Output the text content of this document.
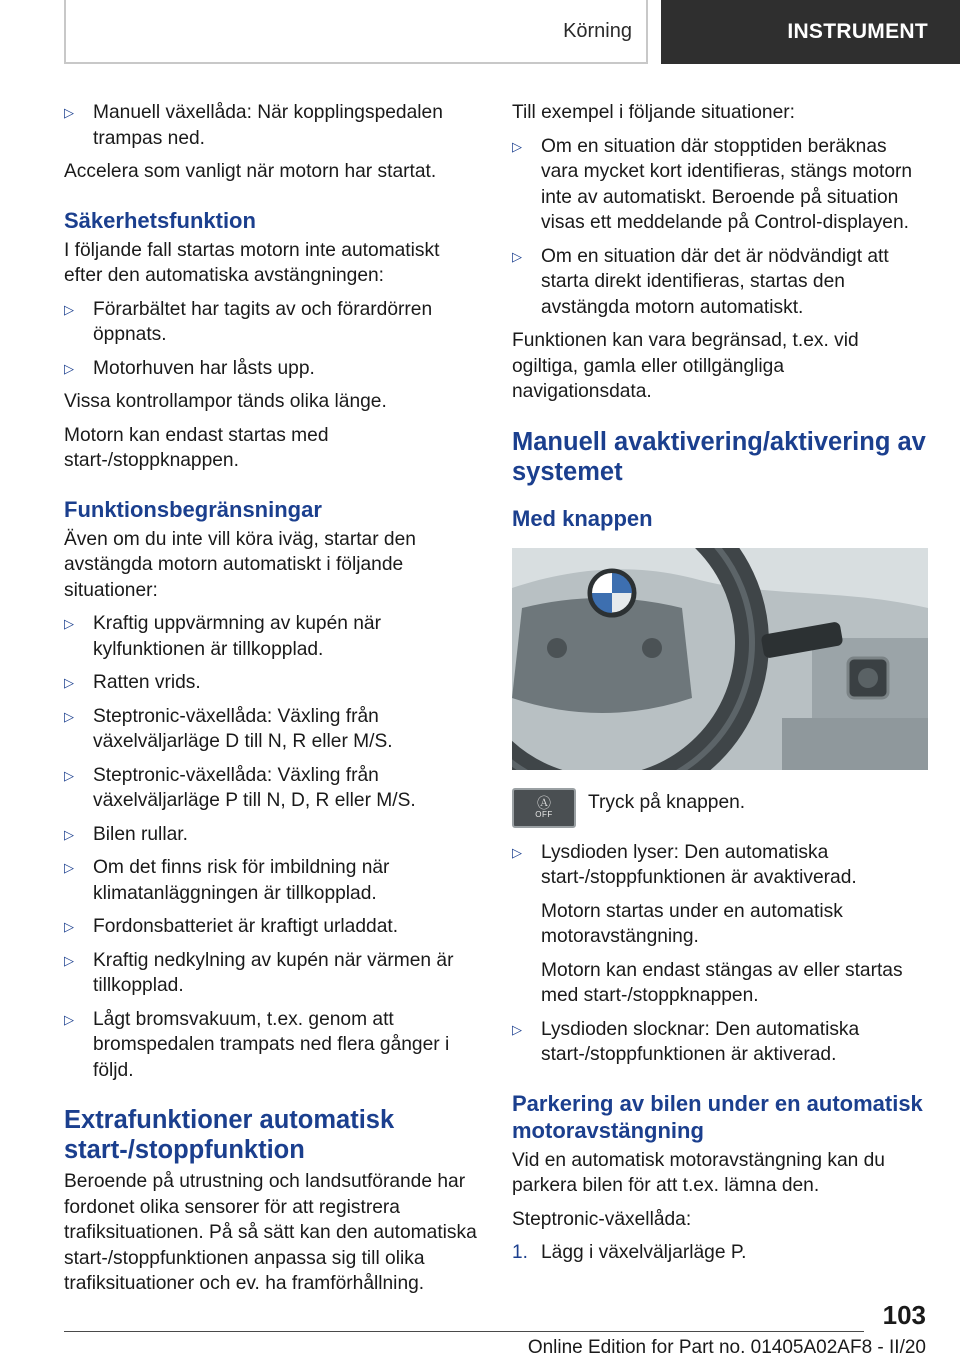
Körning	INSTRUMENT
▷ Manuell växellåda: När kopplingspedalen trampas ned.

Accelera som vanligt när motorn har startat.

Säkerhetsfunktion

I följande fall startas motorn inte automatiskt efter den automatiska avstängningen:

▷ Förarbältet har tagits av och förardörren öppnats.
▷ Motorhuven har låsts upp.

Vissa kontrollampor tänds olika länge.

Motorn kan endast startas med start-/stoppknappen.

Funktionsbegränsningar

Även om du inte vill köra iväg, startar den avstängda motorn automatiskt i följande situationer:

▷ Kraftig uppvärmning av kupén när kylfunktionen är tillkopplad.
▷ Ratten vrids.
▷ Steptronic-växellåda: Växling från växelväljarläge D till N, R eller M/S.
▷ Steptronic-växellåda: Växling från växelväljarläge P till N, D, R eller M/S.
▷ Bilen rullar.
▷ Om det finns risk för imbildning när klimatanläggningen är tillkopplad.
▷ Fordonsbatteriet är kraftigt urladdat.
▷ Kraftig nedkylning av kupén när värmen är tillkopplad.
▷ Lågt bromsvakuum, t.ex. genom att bromspedalen trampats ned flera gånger i följd.
Extrafunktioner automatisk start-/stoppfunktion

Beroende på utrustning och landsutförande har fordonet olika sensorer för att registrera trafiksituationen. På så sätt kan den automatiska start-/stoppfunktionen anpassa sig till olika trafiksituationer och ev. ha framförhållning.

Till exempel i följande situationer:

▷ Om en situation där stopptiden beräknas vara mycket kort identifieras, stängs motorn inte av automatiskt. Beroende på situation visas ett meddelande på Control-displayen.
▷ Om en situation där det är nödvändigt att starta direkt identifieras, startas den avstängda motorn automatiskt.

Funktionen kan vara begränsad, t.ex. vid ogiltiga, gamla eller otillgängliga navigationsdata.

Manuell avaktivering/aktivering av systemet
Med knappen
Ⓐ
OFF
Tryck på knappen.
▷ Lysdioden lyser: Den automatiska start-/stoppfunktionen är avaktiverad.

Motorn startas under en automatisk motoravstängning.

Motorn kan endast stängas av eller startas med start-/stoppknappen.

▷ Lysdioden slocknar: Den automatiska start-/stoppfunktionen är aktiverad.
Parkering av bilen under en automatisk motoravstängning

Vid en automatisk motoravstängning kan du parkera bilen för att t.ex. lämna den.

Steptronic-växellåda:

1. Lägg i växelväljarläge P.
103
Online Edition for Part no. 01405A02AF8 - II/20
